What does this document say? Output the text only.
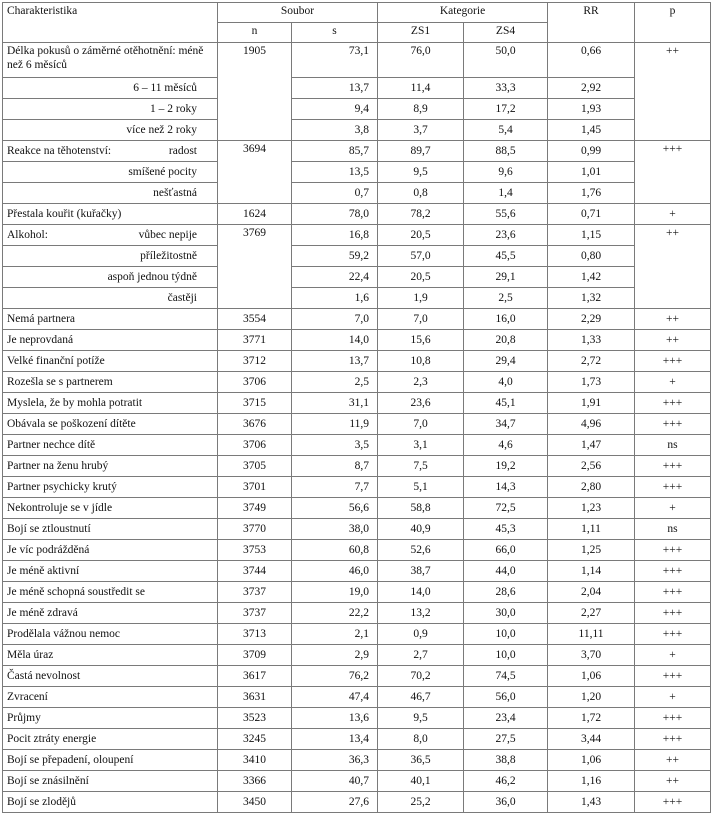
Charakteristika	Soubor		Kategorie		RR	p
	n	s	ZS1	ZS4		
Délka pokusů o záměrné otěhotnění: méně než 6 měsíců	1905	73,1	76,0	50,0	0,66	++
6 – 11 měsíců		13,7	11,4	33,3	2,92	
1 – 2 roky		9,4	8,9	17,2	1,93	
více než 2 roky		3,8	3,7	5,4	1,45	

Reakce na těhotenství: radost	3694	85,7	89,7	88,5	0,99	+++
smíšené pocity		13,5	9,5	9,6	1,01	
nešťastná		0,7	0,8	1,4	1,76	
Přestala kouřit (kuřačky)	1624	78,0	78,2	55,6	0,71	+

Alkohol: vůbec nepije	3769	16,8	20,5	23,6	1,15	++
příležitostně		59,2	57,0	45,5	0,80	
aspoň jednou týdně		22,4	20,5	29,1	1,42	
častěji		1,6	1,9	2,5	1,32	
Nemá partnera	3554	7,0	7,0	16,0	2,29	++
Je neprovdaná	3771	14,0	15,6	20,8	1,33	++
Velké finanční potíže	3712	13,7	10,8	29,4	2,72	+++
Rozešla se s partnerem	3706	2,5	2,3	4,0	1,73	+
Myslela, že by mohla potratit	3715	31,1	23,6	45,1	1,91	+++
Obávala se poškození dítěte	3676	11,9	7,0	34,7	4,96	+++
Partner nechce dítě	3706	3,5	3,1	4,6	1,47	ns
Partner na ženu hrubý	3705	8,7	7,5	19,2	2,56	+++
Partner psychicky krutý	3701	7,7	5,1	14,3	2,80	+++
Nekontroluje se v jídle	3749	56,6	58,8	72,5	1,23	+
Bojí se ztloustnutí	3770	38,0	40,9	45,3	1,11	ns
Je víc podrážděná	3753	60,8	52,6	66,0	1,25	+++
Je méně aktivní	3744	46,0	38,7	44,0	1,14	+++
Je méně schopná soustředit se	3737	19,0	14,0	28,6	2,04	+++
Je méně zdravá	3737	22,2	13,2	30,0	2,27	+++
Prodělala vážnou nemoc	3713	2,1	0,9	10,0	11,11	+++
Měla úraz	3709	2,9	2,7	10,0	3,70	+
Častá nevolnost	3617	76,2	70,2	74,5	1,06	+++
Zvracení	3631	47,4	46,7	56,0	1,20	+
Průjmy	3523	13,6	9,5	23,4	1,72	+++
Pocit ztráty energie	3245	13,4	8,0	27,5	3,44	+++
Bojí se přepadení, oloupení	3410	36,3	36,5	38,8	1,06	++
Bojí se znásilnění	3366	40,7	40,1	46,2	1,16	++
Bojí se zlodějů	3450	27,6	25,2	36,0	1,43	+++
